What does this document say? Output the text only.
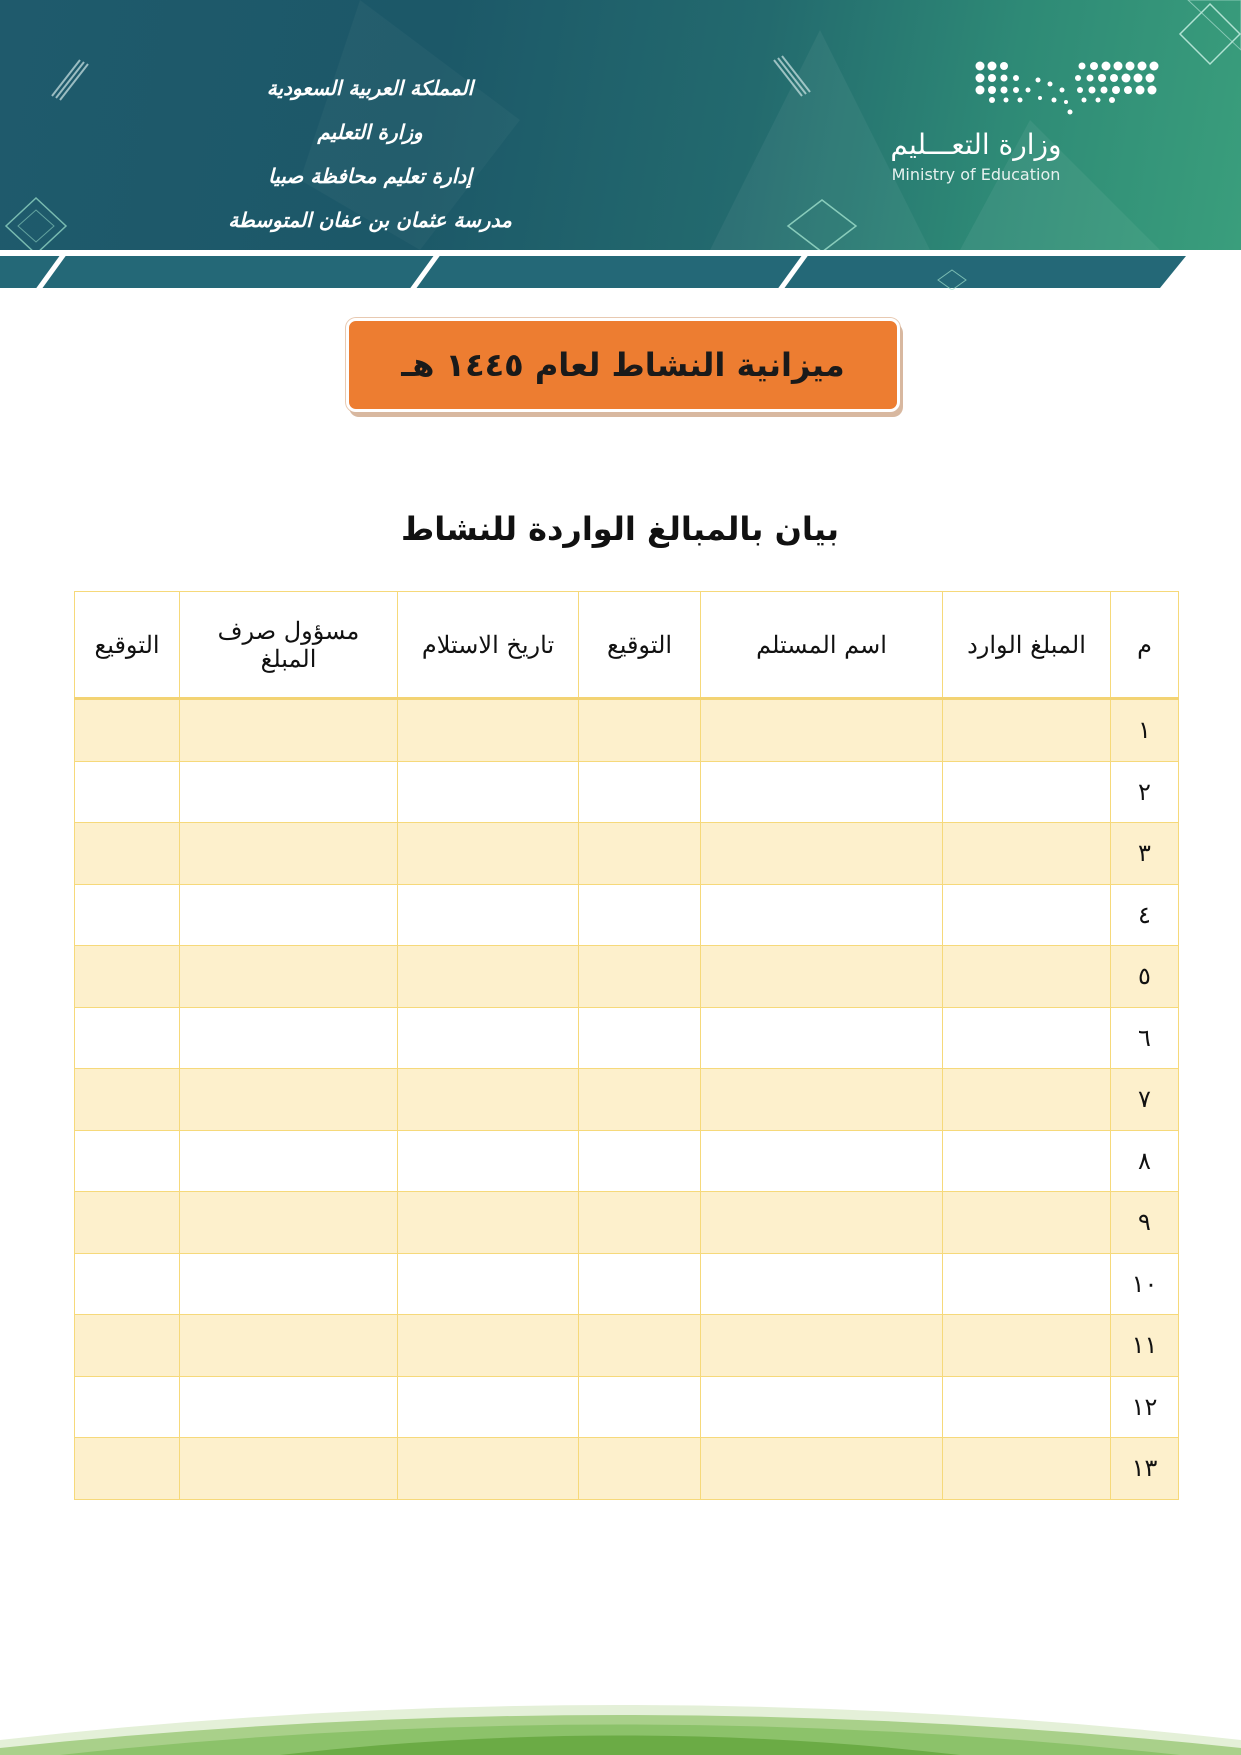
المملكة العربية السعودية
وزارة التعليم
إدارة تعليم محافظة صبيا
مدرسة عثمان بن عفان المتوسطة
وزارة التعـــليم
Ministry of Education
ميزانية النشاط لعام ١٤٤٥ هـ
بيان بالمبالغ الواردة للنشاط
م	المبلغ الوارد	اسم المستلم	التوقيع	تاريخ الاستلام	مسؤول صرف المبلغ	التوقيع
١						
٢						
٣						
٤						
٥						
٦						
٧						
٨						
٩						
١٠						
١١						
١٢						
١٣						
